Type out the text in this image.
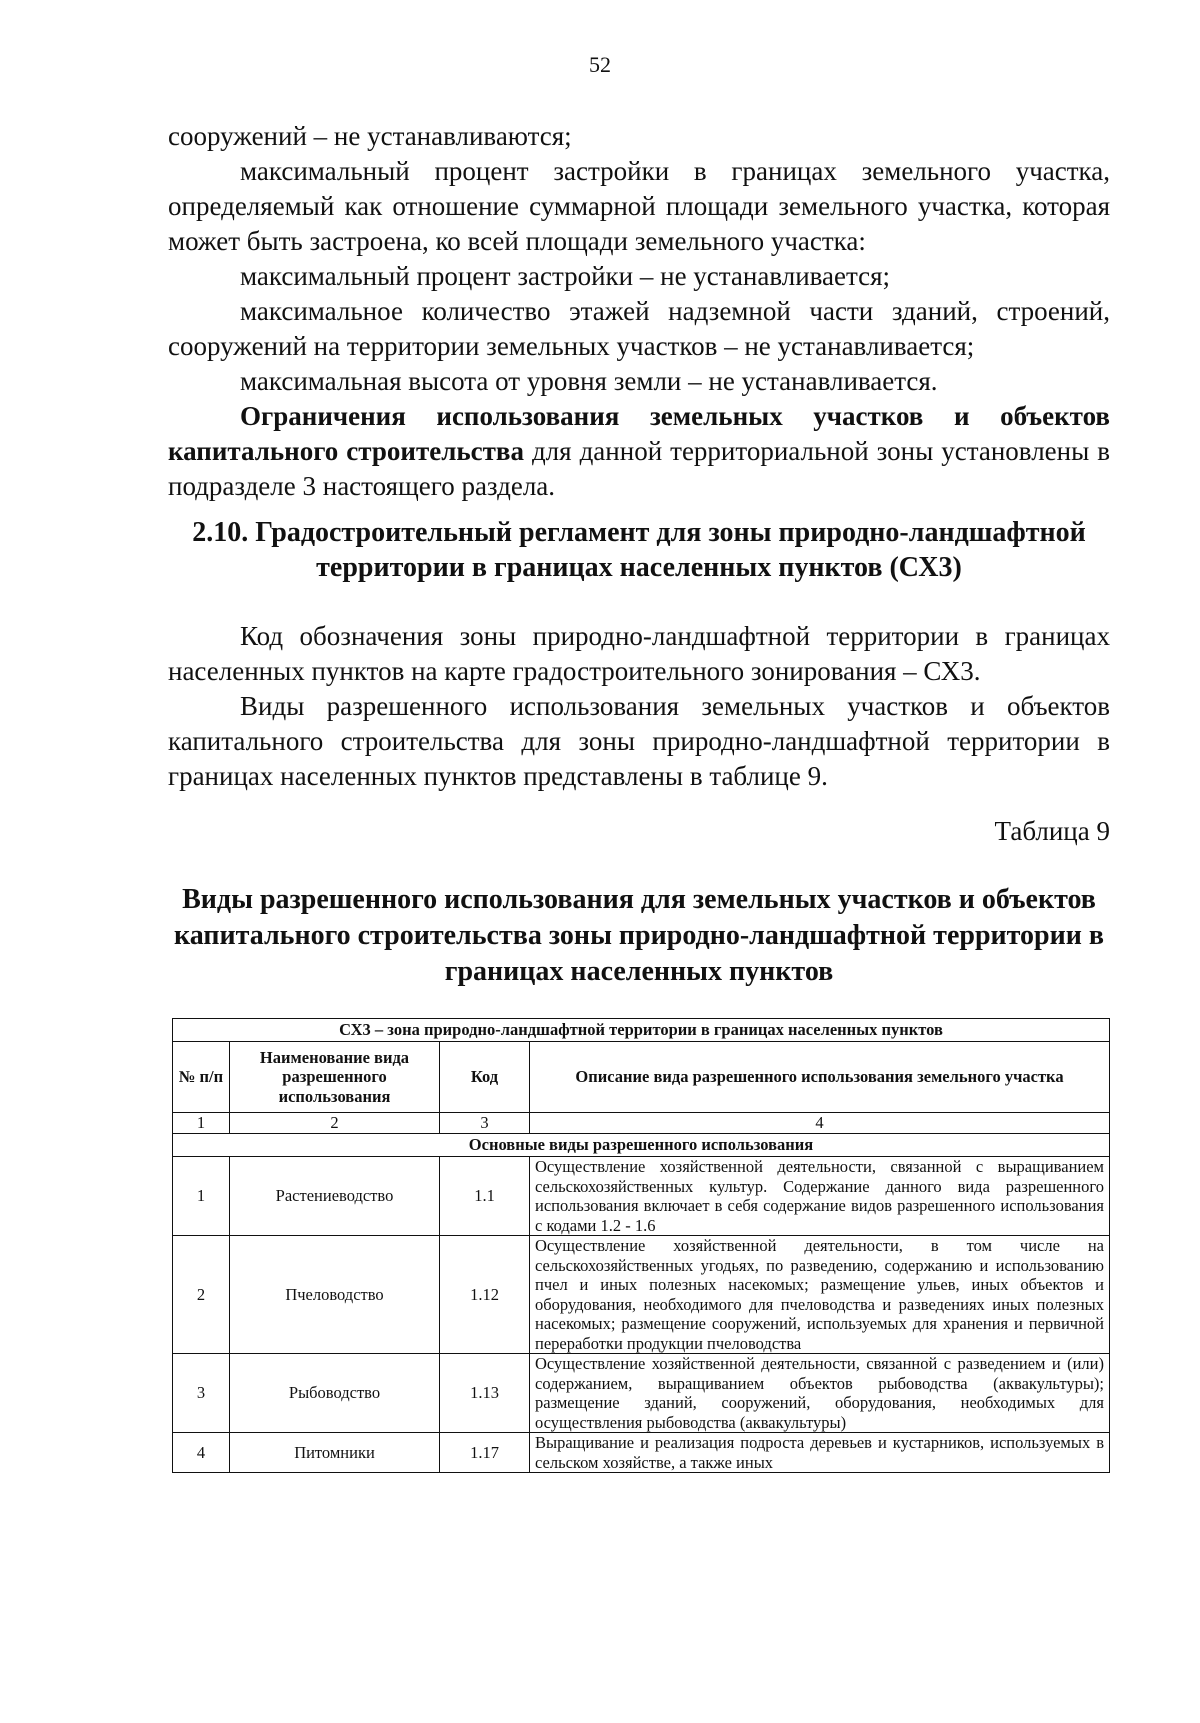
52

сооружений – не устанавливаются;

максимальный процент застройки в границах земельного участка, определяемый как отношение суммарной площади земельного участка, которая может быть застроена, ко всей площади земельного участка:

максимальный процент застройки – не устанавливается;

максимальное количество этажей надземной части зданий, строений, сооружений на территории земельных участков – не устанавливается;

максимальная высота от уровня земли – не устанавливается.

Ограничения использования земельных участков и объектов капитального строительства для данной территориальной зоны установлены в подразделе 3 настоящего раздела.

2.10. Градостроительный регламент для зоны природно-ландшафтной территории в границах населенных пунктов (СХ3)

Код обозначения зоны природно-ландшафтной территории в границах населенных пунктов на карте градостроительного зонирования – СХ3.

Виды разрешенного использования земельных участков и объектов капитального строительства для зоны природно-ландшафтной территории в границах населенных пунктов представлены в таблице 9.

Таблица 9
Виды разрешенного использования для земельных участков и объектов капитального строительства зоны природно-ландшафтной территории в границах населенных пунктов
СХ3 – зона природно-ландшафтной территории в границах населенных пунктов			
№ п/п	Наименование вида разрешенного использования	Код	Описание вида разрешенного использования земельного участка
1	2	3	4
Основные виды разрешенного использования			
1	Растениеводство	1.1	Осуществление хозяйственной деятельности, связанной с выращиванием сельскохозяйственных культур. Содержание данного вида разрешенного использования включает в себя содержание видов разрешенного использования с кодами 1.2 - 1.6
2	Пчеловодство	1.12	Осуществление хозяйственной деятельности, в том числе на сельскохозяйственных угодьях, по разведению, содержанию и использованию пчел и иных полезных насекомых; размещение ульев, иных объектов и оборудования, необходимого для пчеловодства и разведениях иных полезных насекомых; размещение сооружений, используемых для хранения и первичной переработки продукции пчеловодства
3	Рыбоводство	1.13	Осуществление хозяйственной деятельности, связанной с разведением и (или) содержанием, выращиванием объектов рыбоводства (аквакультуры); размещение зданий, сооружений, оборудования, необходимых для осуществления рыбоводства (аквакультуры)
4	Питомники	1.17	Выращивание и реализация подроста деревьев и кустарников, используемых в сельском хозяйстве, а также иных
